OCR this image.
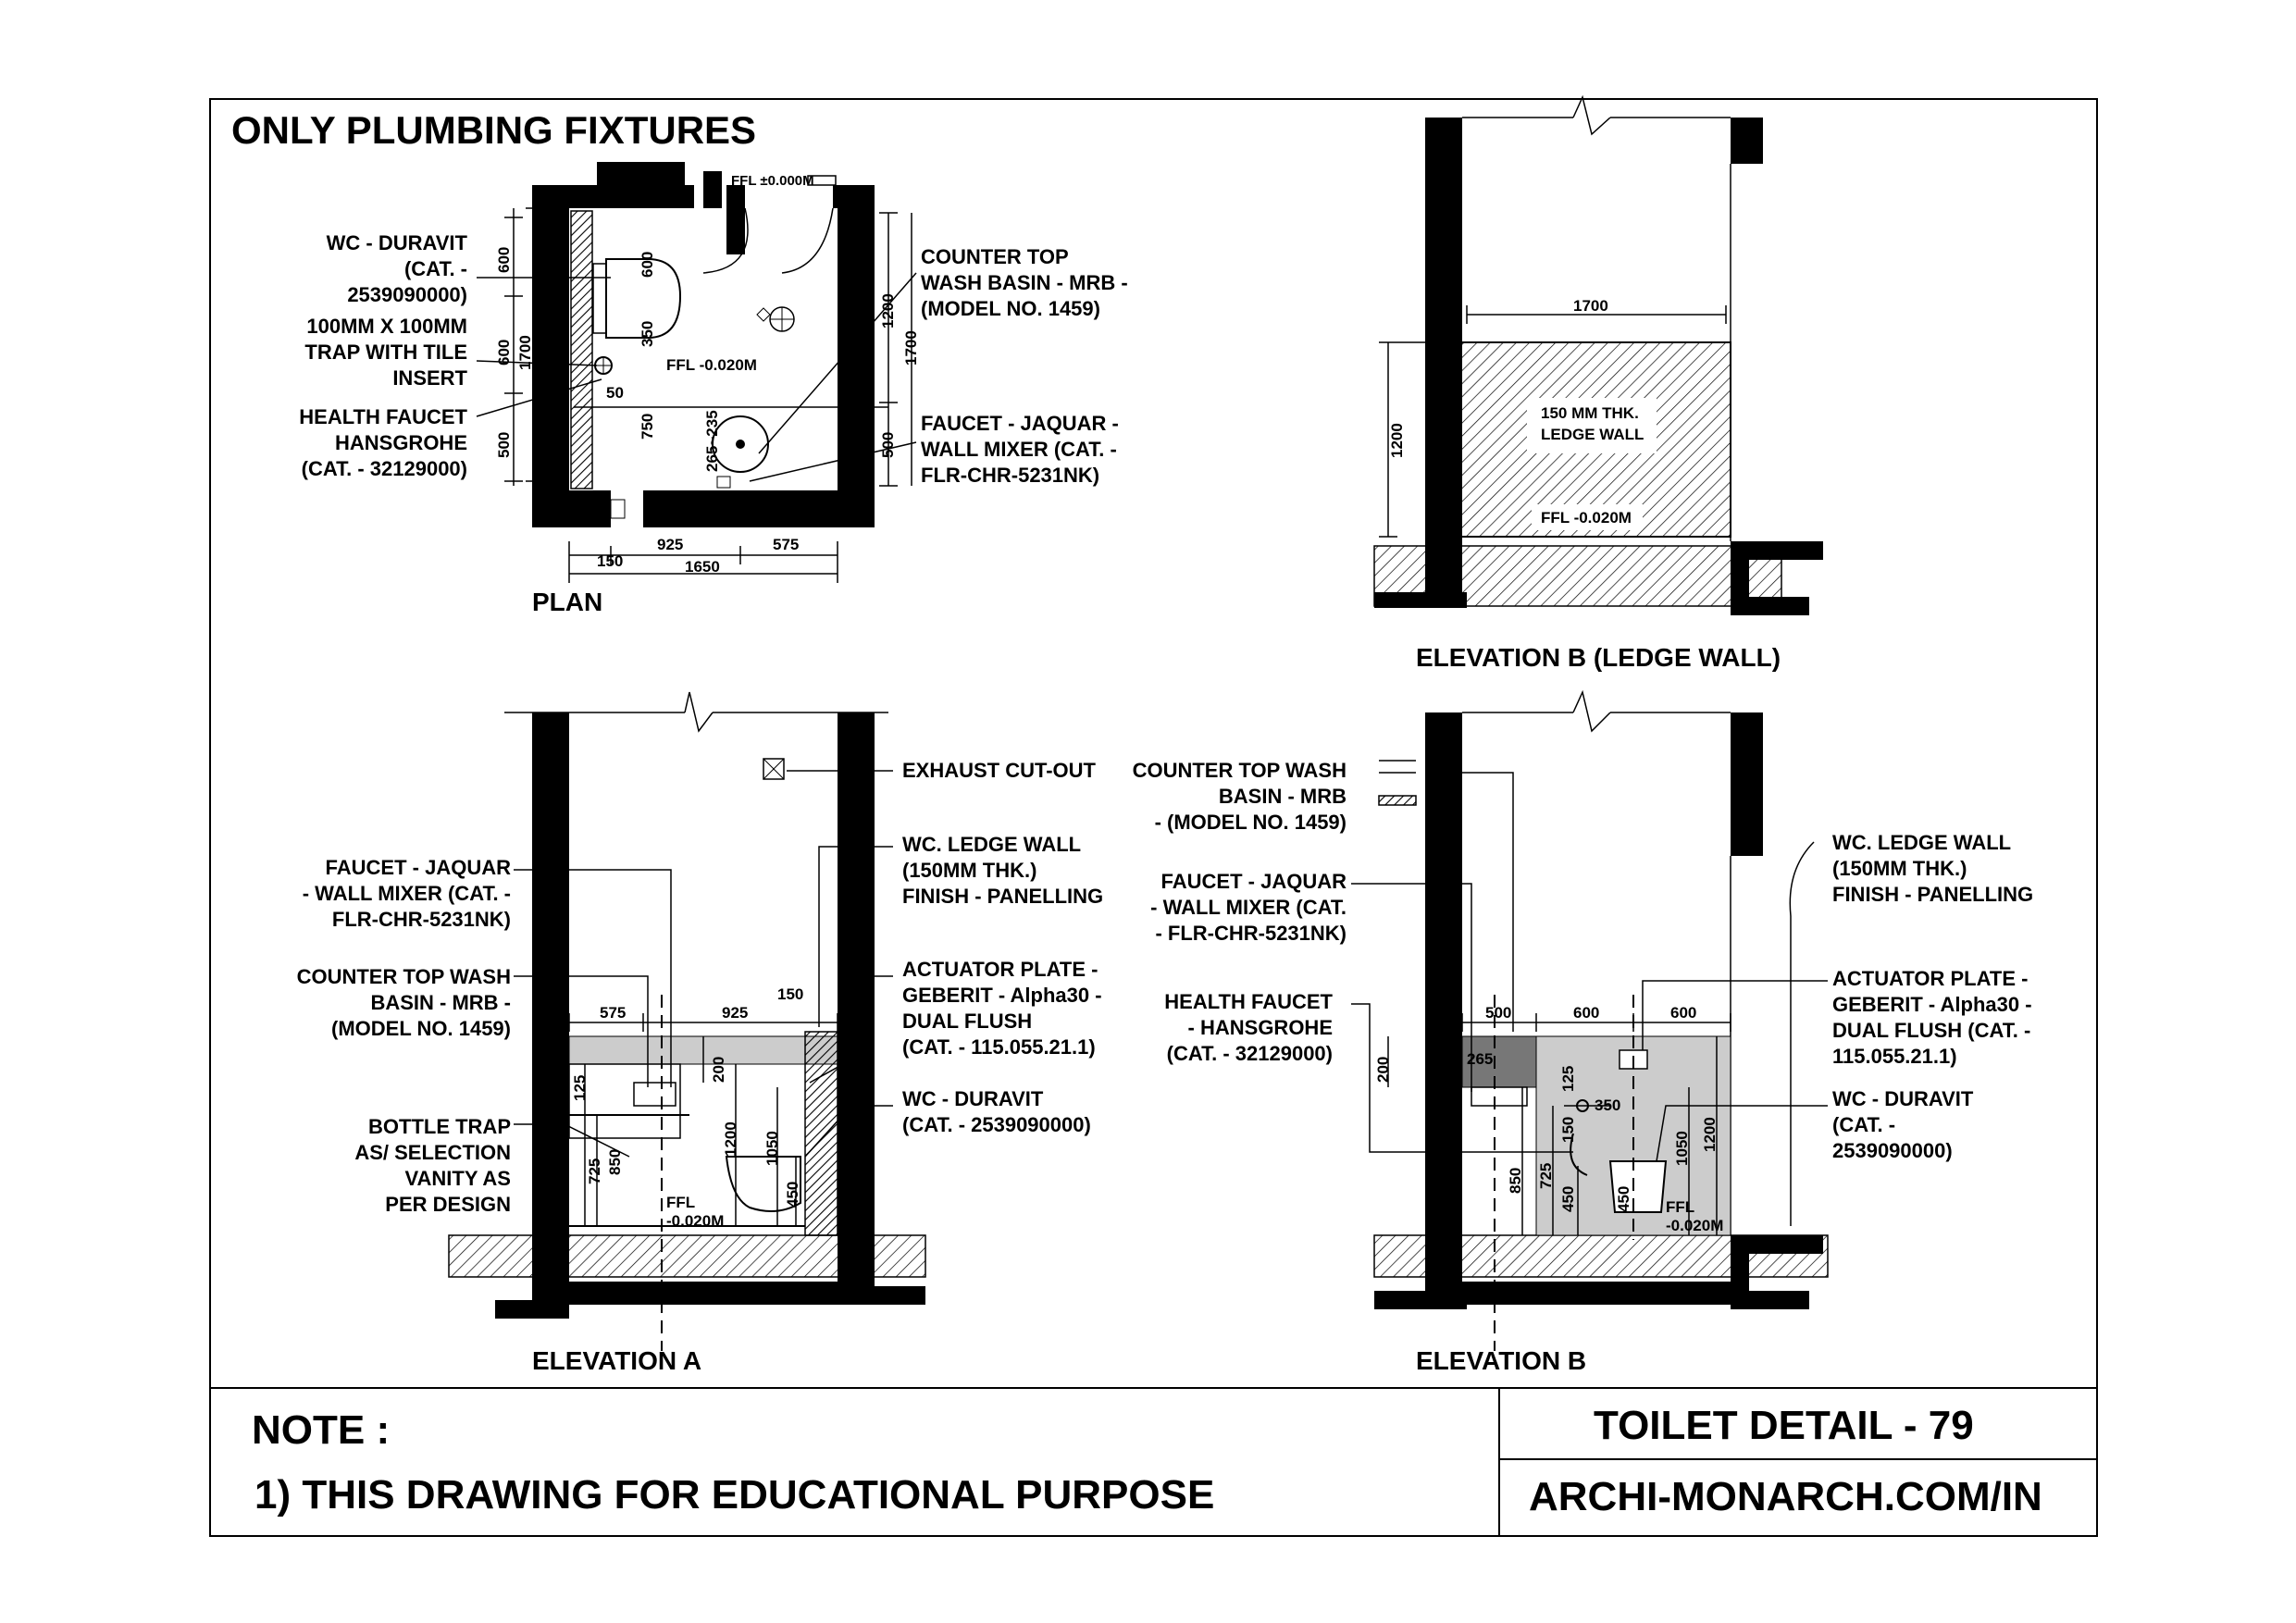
ONLY PLUMBING FIXTURES
PLAN
FFL ±0.000M
FFL -0.020M
WC - DURAVIT
(CAT. -
2539090000)
100MM X 100MM
TRAP WITH TILE
INSERT
HEALTH FAUCET
HANSGROHE
(CAT. - 32129000)
COUNTER TOP
WASH BASIN - MRB -
(MODEL NO. 1459)
FAUCET - JAQUAR -
WALL MIXER (CAT. -
FLR-CHR-5231NK)
600
1700
600
500
600
350
750	265~235
50
1200
1700
500
150
925	575
1650
1700
1200
150 MM THK.
LEDGE WALL
FFL -0.020M
ELEVATION B (LEDGE WALL)
575	925
150
125
200
1200 1050
725 850
450
FFL
-0.020M
EXHAUST CUT-OUT
WC. LEDGE WALL
(150MM THK.)
FINISH - PANELLING
ACTUATOR PLATE -
GEBERIT - Alpha30 -
DUAL FLUSH
(CAT. - 115.055.21.1)
WC - DURAVIT
(CAT. - 2539090000)
FAUCET - JAQUAR
- WALL MIXER (CAT. -
FLR-CHR-5231NK)
COUNTER TOP WASH
BASIN - MRB -
(MODEL NO. 1459)
BOTTLE TRAP
AS/ SELECTION
VANITY AS
PER DESIGN
ELEVATION A
500	600	600
265
200	125
350
150
1050 1200
850 725
450 450 FFL
-0.020M
COUNTER TOP WASH
BASIN - MRB
- (MODEL NO. 1459)
FAUCET - JAQUAR
- WALL MIXER (CAT.
- FLR-CHR-5231NK)
HEALTH FAUCET
- HANSGROHE
(CAT. - 32129000)
WC. LEDGE WALL
(150MM THK.)
FINISH - PANELLING
ACTUATOR PLATE -
GEBERIT - Alpha30 -
DUAL FLUSH (CAT. -
115.055.21.1)
WC - DURAVIT
(CAT. -
2539090000)
ELEVATION B
NOTE :
1) THIS DRAWING FOR EDUCATIONAL PURPOSE
TOILET DETAIL - 79
ARCHI-MONARCH.COM/IN
